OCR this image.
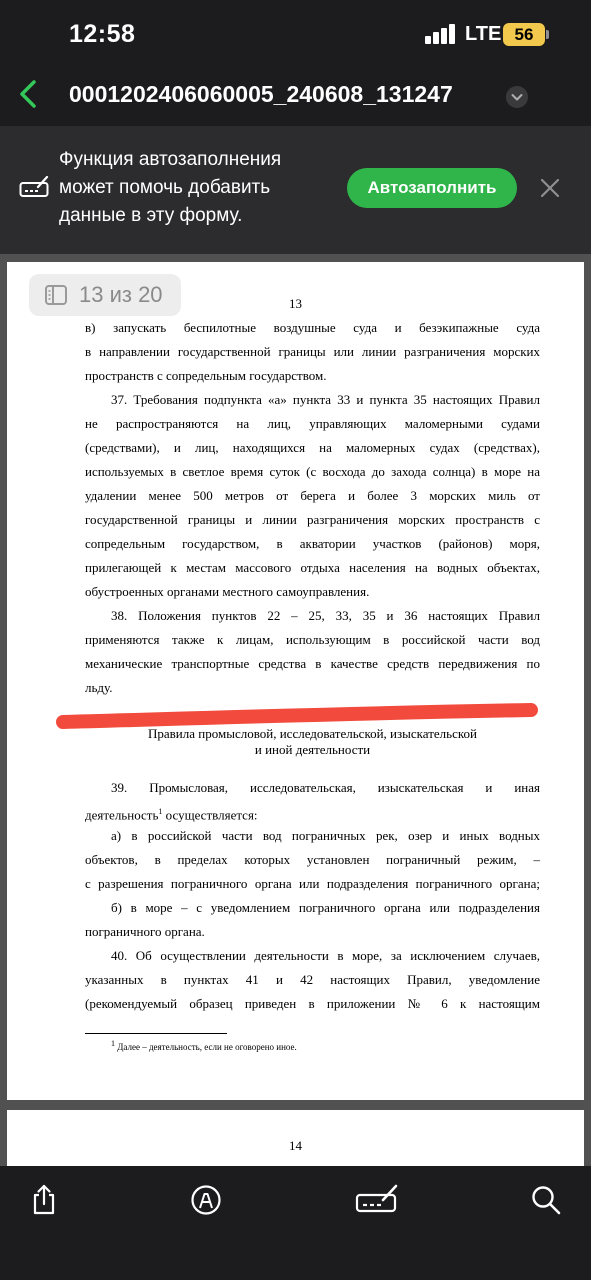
12:58	LTE 56
0001202406060005_240608_131247
Функция автозаполнения может помочь добавить данные в эту форму.
Автозаполнить
13 из 20	13
в) запускать беспилотные воздушные суда и безэкипажные суда
в направлении государственной границы или линии разграничения морских
пространств с сопредельным государством.
37. Требования подпункта «а» пункта 33 и пункта 35 настоящих Правил
не распространяются на лиц, управляющих маломерными судами
(средствами), и лиц, находящихся на маломерных судах (средствах),
используемых в светлое время суток (с восхода до захода солнца) в море на
удалении менее 500 метров от берега и более 3 морских миль от
государственной границы и линии разграничения морских пространств с
сопредельным государством, в акватории участков (районов) моря,
прилегающей к местам массового отдыха населения на водных объектах,
обустроенных органами местного самоуправления.
38. Положения пунктов 22 – 25, 33, 35 и 36 настоящих Правил
применяются также к лицам, использующим в российской части вод
механические транспортные средства в качестве средств передвижения по
льду.
Правила промысловой, исследовательской, изыскательской
и иной деятельности
39. Промысловая, исследовательская, изыскательская и иная
деятельность$^1$ осуществляется:
а) в российской части вод пограничных рек, озер и иных водных
объектов, в пределах которых установлен пограничный режим, –
с разрешения пограничного органа или подразделения пограничного органа;
б) в море – с уведомлением пограничного органа или подразделения
пограничного органа.
40. Об осуществлении деятельности в море, за исключением случаев,
указанных в пунктах 41 и 42 настоящих Правил, уведомление
(рекомендуемый образец приведен в приложении № 6 к настоящим
$^1$ Далее – деятельность, если не оговорено иное.
14
